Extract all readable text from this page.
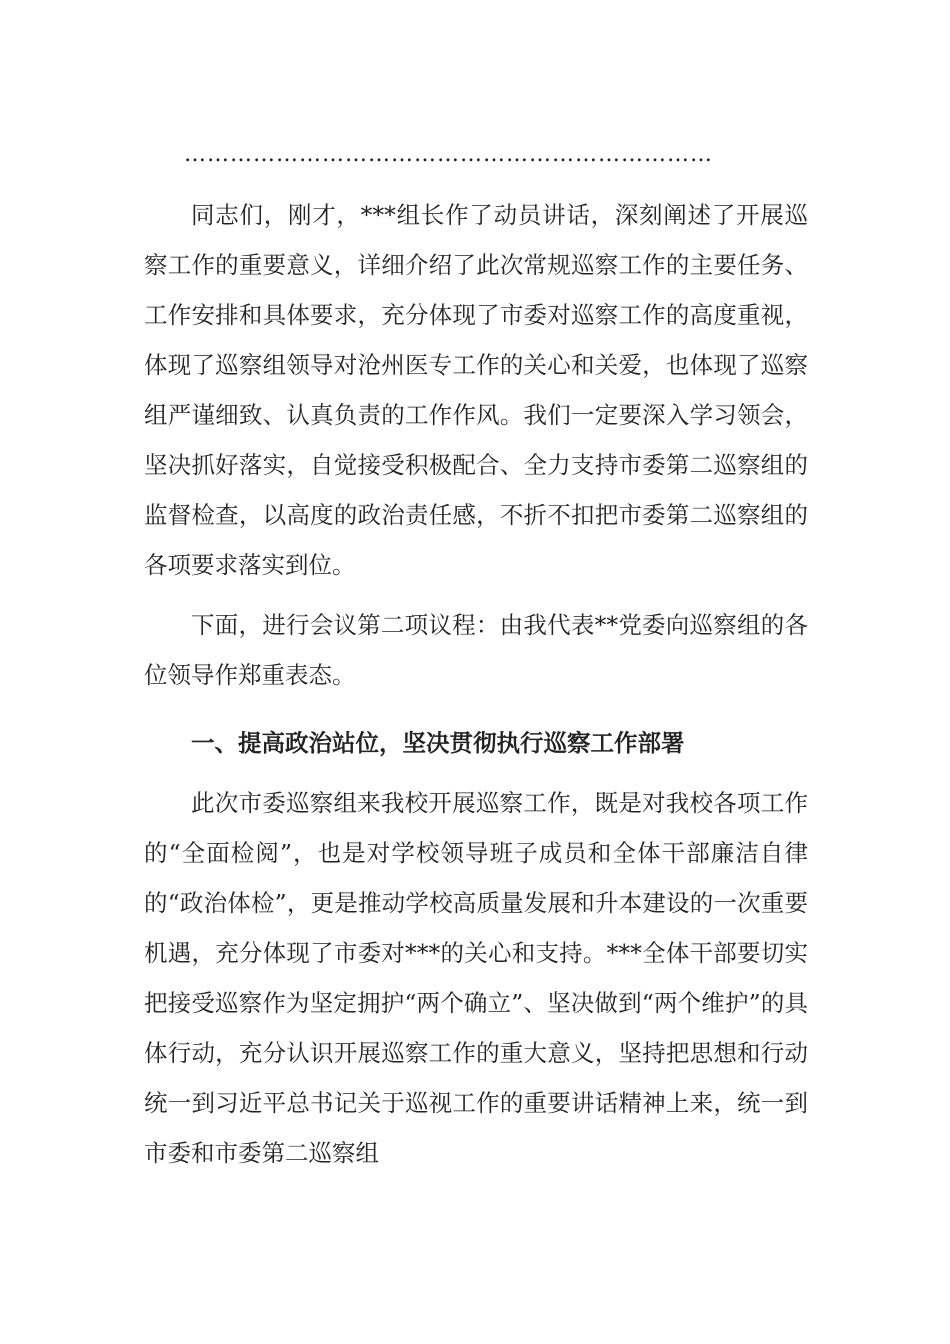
……………………………………………………………

同志们，刚才，***组长作了动员讲话，深刻阐述了开展巡察工作的重要意义，详细介绍了此次常规巡察工作的主要任务、工作安排和具体要求，充分体现了市委对巡察工作的高度重视，体现了巡察组领导对沧州医专工作的关心和关爱，也体现了巡察组严谨细致、认真负责的工作作风。我们一定要深入学习领会，坚决抓好落实，自觉接受积极配合、全力支持市委第二巡察组的监督检查，以高度的政治责任感，不折不扣把市委第二巡察组的各项要求落实到位。

下面，进行会议第二项议程：由我代表**党委向巡察组的各位领导作郑重表态。

一、提高政治站位，坚决贯彻执行巡察工作部署

此次市委巡察组来我校开展巡察工作，既是对我校各项工作的“全面检阅”，也是对学校领导班子成员和全体干部廉洁自律的“政治体检”，更是推动学校高质量发展和升本建设的一次重要机遇，充分体现了市委对***的关心和支持。***全体干部要切实把接受巡察作为坚定拥护“两个确立”、坚决做到“两个维护”的具体行动，充分认识开展巡察工作的重大意义，坚持把思想和行动统一到习近平总书记关于巡视工作的重要讲话精神上来，统一到市委和市委第二巡察组
